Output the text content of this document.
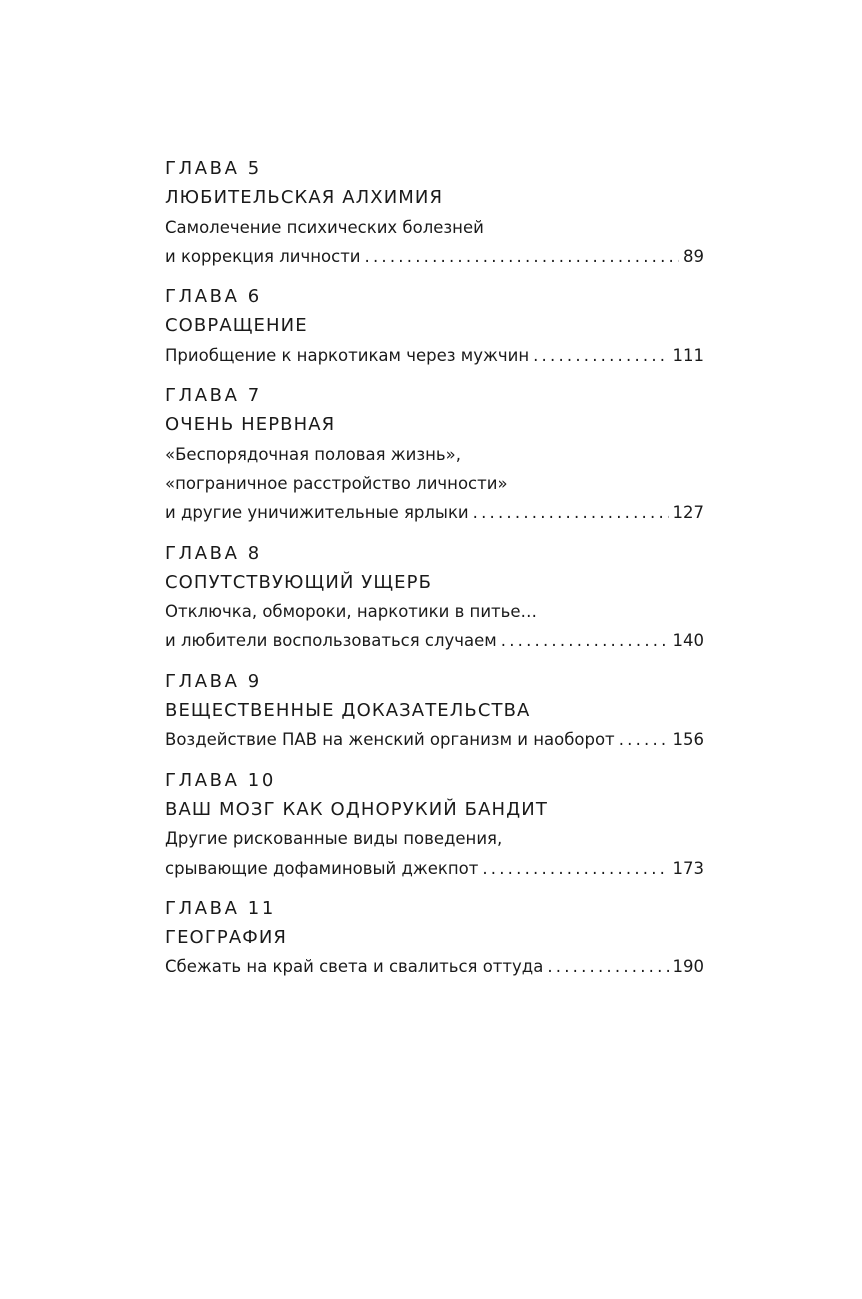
ГЛАВА 5
ЛЮБИТЕЛЬСКАЯ АЛХИМИЯ
Самолечение психических болезней
и коррекция личности .....	89
ГЛАВА 6
СОВРАЩЕНИЕ
Приобщение к наркотикам через мужчин .....	111
ГЛАВА 7
ОЧЕНЬ НЕРВНАЯ
«Беспорядочная половая жизнь»,
«пограничное расстройство личности»
и другие уничижительные ярлыки .....	127
ГЛАВА 8
СОПУТСТВУЮЩИЙ УЩЕРБ
Отключка, обмороки, наркотики в питье…
и любители воспользоваться случаем .....	140
ГЛАВА 9
ВЕЩЕСТВЕННЫЕ ДОКАЗАТЕЛЬСТВА
Воздействие ПАВ на женский организм и наоборот .....	156
ГЛАВА 10
ВАШ МОЗГ КАК ОДНОРУКИЙ БАНДИТ
Другие рискованные виды поведения,
срывающие дофаминовый джекпот .....	173
ГЛАВА 11
ГЕОГРАФИЯ
Сбежать на край света и свалиться оттуда .....	190
